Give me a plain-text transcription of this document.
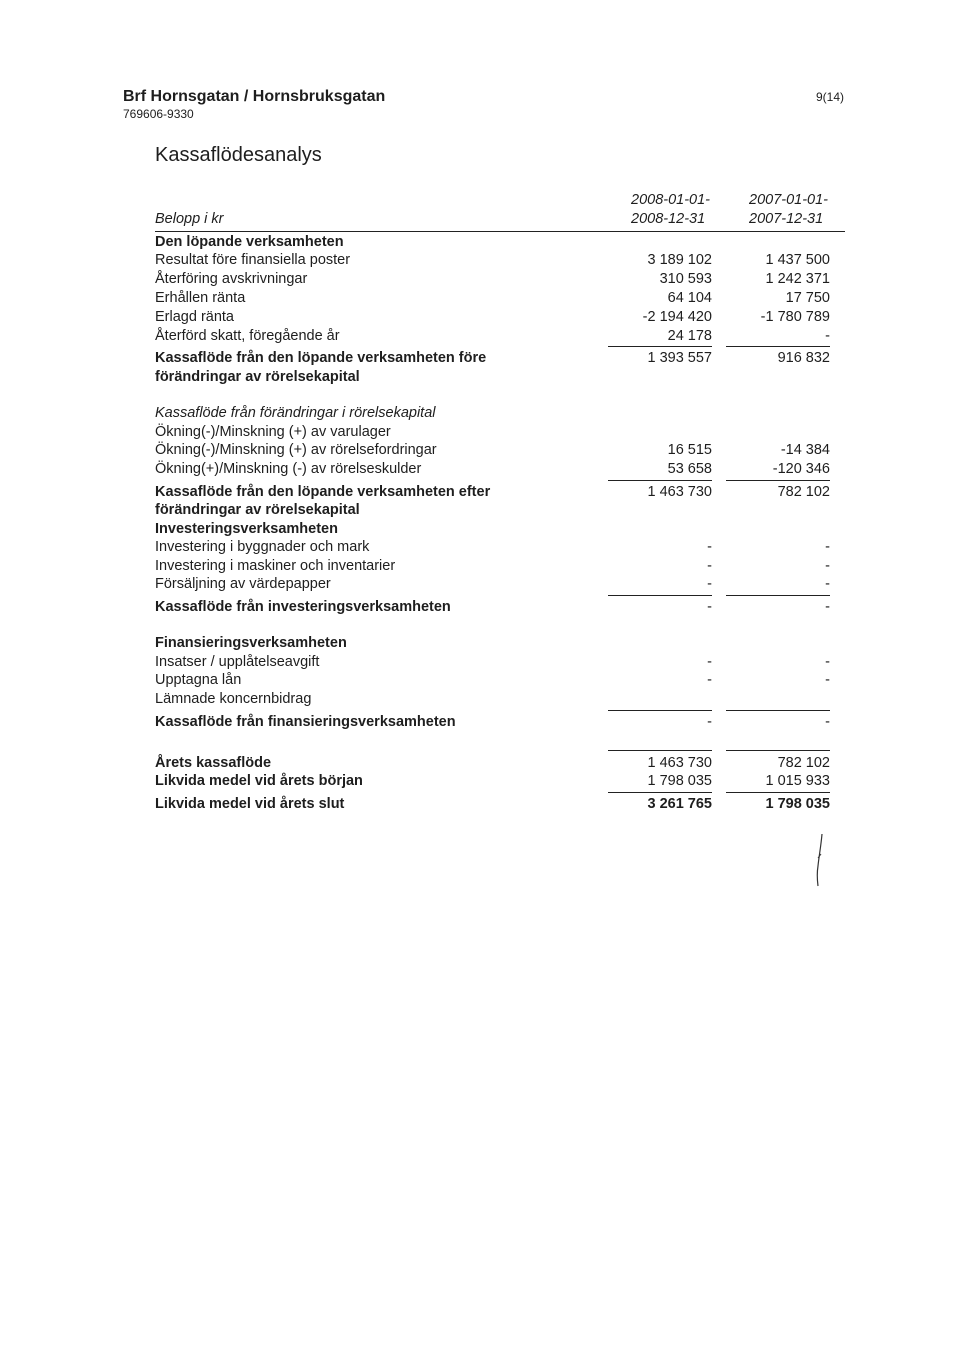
Brf Hornsgatan / Hornsbruksgatan
769606-9330
9(14)
Kassaflödesanalys
2008-01-01-
2008-12-31
2007-01-01-
2007-12-31
Belopp i kr
Den löpande verksamheten
Resultat före finansiella poster	3 189 102	1 437 500
Återföring avskrivningar	310 593	1 242 371
Erhållen ränta	64 104	17 750
Erlagd ränta	-2 194 420	-1 780 789
Återförd skatt, föregående år	24 178	-
Kassaflöde från den löpande verksamheten före	1 393 557	916 832
förändringar av rörelsekapital
Kassaflöde från förändringar i rörelsekapital
Ökning(-)/Minskning (+) av varulager
Ökning(-)/Minskning (+) av rörelsefordringar	16 515	-14 384
Ökning(+)/Minskning (-) av rörelseskulder	53 658	-120 346
Kassaflöde från den löpande verksamheten efter	1 463 730	782 102
förändringar av rörelsekapital
Investeringsverksamheten
Investering i byggnader och mark	-	-
Investering i maskiner och inventarier	-	-
Försäljning av värdepapper	-	-
Kassaflöde från investeringsverksamheten	-	-
Finansieringsverksamheten
Insatser / upplåtelseavgift	-	-
Upptagna lån	-	-
Lämnade koncernbidrag
Kassaflöde från finansieringsverksamheten	-	-
Årets kassaflöde	1 463 730	782 102
Likvida medel vid årets början	1 798 035	1 015 933
Likvida medel vid årets slut	3 261 765	1 798 035
